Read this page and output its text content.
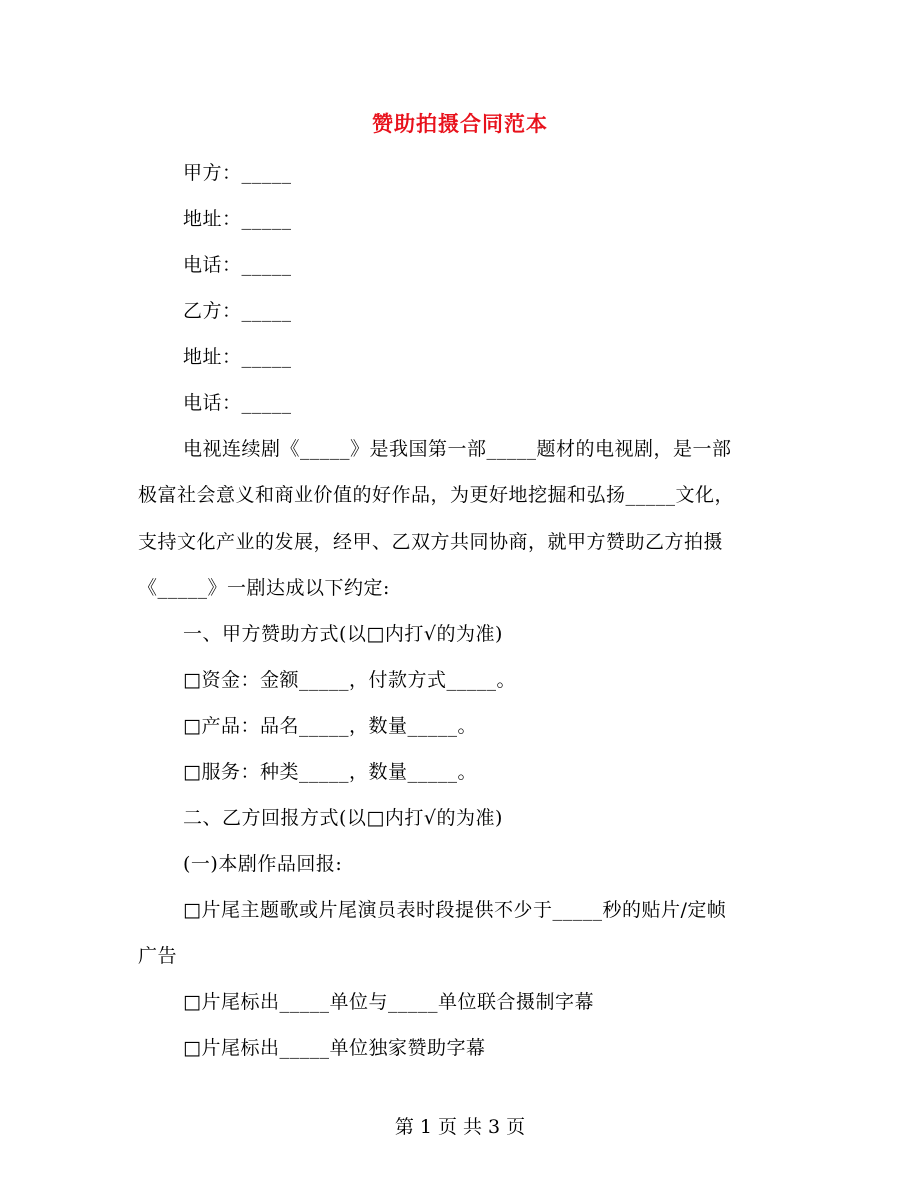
赞助拍摄合同范本
甲方：_____
地址：_____
电话：_____
乙方：_____
地址：_____
电话：_____
电视连续剧《_____》是我国第一部_____题材的电视剧，是一部
极富社会意义和商业价值的好作品，为更好地挖掘和弘扬_____文化，
支持文化产业的发展，经甲、乙双方共同协商，就甲方赞助乙方拍摄
《_____》一剧达成以下约定:
一、甲方赞助方式(以□内打√的为准)
□资金：金额_____，付款方式_____。
□产品：品名_____，数量_____。
□服务：种类_____，数量_____。
二、乙方回报方式(以□内打√的为准)
(一)本剧作品回报:
□片尾主题歌或片尾演员表时段提供不少于_____秒的贴片/定帧
广告
□片尾标出_____单位与_____单位联合摄制字幕
□片尾标出_____单位独家赞助字幕
第 1 页 共 3 页
